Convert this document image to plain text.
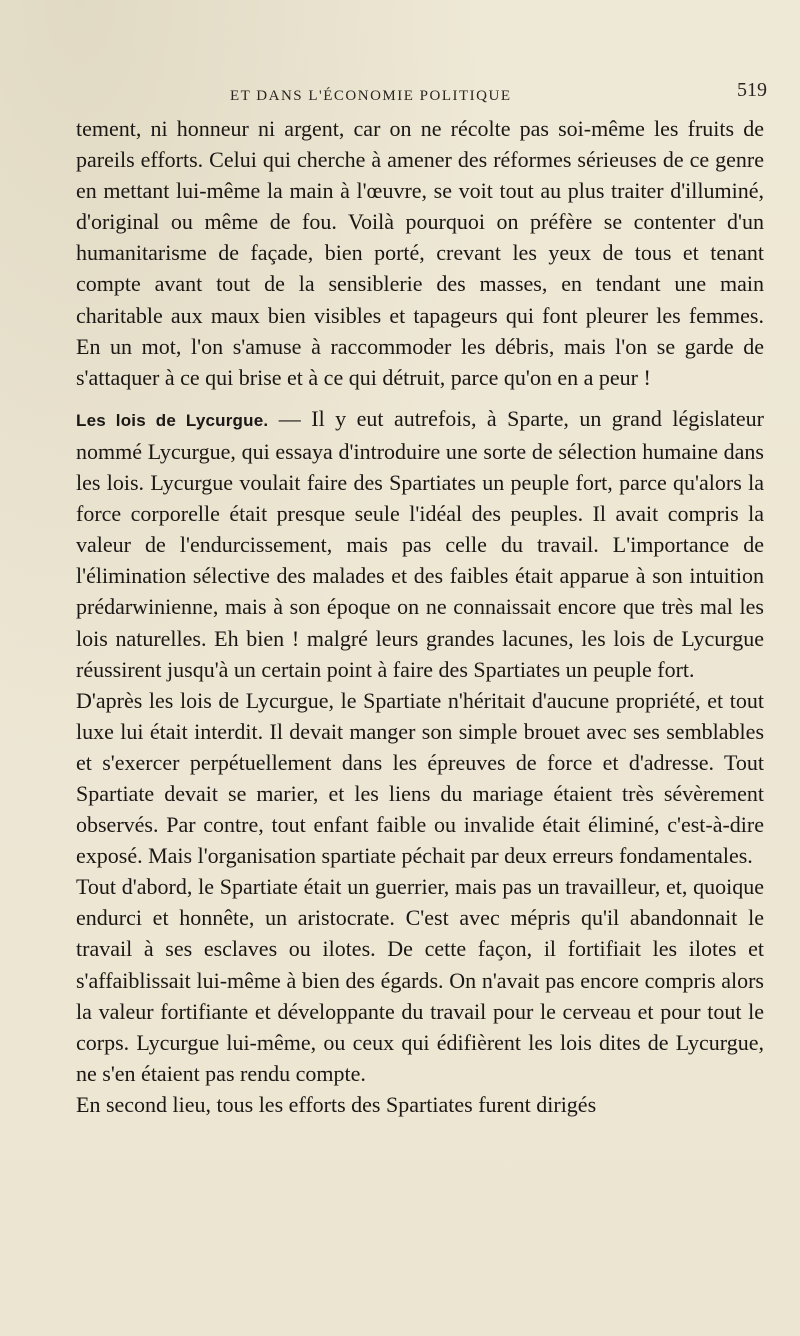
ET DANS L'ÉCONOMIE POLITIQUE	519

tement, ni honneur ni argent, car on ne récolte pas soi-même les fruits de pareils efforts. Celui qui cherche à amener des réformes sérieuses de ce genre en mettant lui-même la main à l'œuvre, se voit tout au plus traiter d'illuminé, d'original ou même de fou. Voilà pourquoi on préfère se contenter d'un humanitarisme de façade, bien porté, crevant les yeux de tous et tenant compte avant tout de la sensiblerie des masses, en tendant une main charitable aux maux bien visibles et tapageurs qui font pleurer les femmes. En un mot, l'on s'amuse à raccommoder les débris, mais l'on se garde de s'attaquer à ce qui brise et à ce qui détruit, parce qu'on en a peur !

Les lois de Lycurgue. — Il y eut autrefois, à Sparte, un grand législateur nommé Lycurgue, qui essaya d'introduire une sorte de sélection humaine dans les lois. Lycurgue voulait faire des Spartiates un peuple fort, parce qu'alors la force corporelle était presque seule l'idéal des peuples. Il avait compris la valeur de l'endurcissement, mais pas celle du travail. L'importance de l'élimination sélective des malades et des faibles était apparue à son intuition prédarwinienne, mais à son époque on ne connaissait encore que très mal les lois naturelles. Eh bien ! malgré leurs grandes lacunes, les lois de Lycurgue réussirent jusqu'à un certain point à faire des Spartiates un peuple fort.

D'après les lois de Lycurgue, le Spartiate n'héritait d'aucune propriété, et tout luxe lui était interdit. Il devait manger son simple brouet avec ses semblables et s'exercer perpétuellement dans les épreuves de force et d'adresse. Tout Spartiate devait se marier, et les liens du mariage étaient très sévèrement observés. Par contre, tout enfant faible ou invalide était éliminé, c'est-à-dire exposé. Mais l'organisation spartiate péchait par deux erreurs fondamentales.

Tout d'abord, le Spartiate était un guerrier, mais pas un travailleur, et, quoique endurci et honnête, un aristocrate. C'est avec mépris qu'il abandonnait le travail à ses esclaves ou ilotes. De cette façon, il fortifiait les ilotes et s'affaiblissait lui-même à bien des égards. On n'avait pas encore compris alors la valeur fortifiante et développante du travail pour le cerveau et pour tout le corps. Lycurgue lui-même, ou ceux qui édifièrent les lois dites de Lycurgue, ne s'en étaient pas rendu compte.

En second lieu, tous les efforts des Spartiates furent dirigés
